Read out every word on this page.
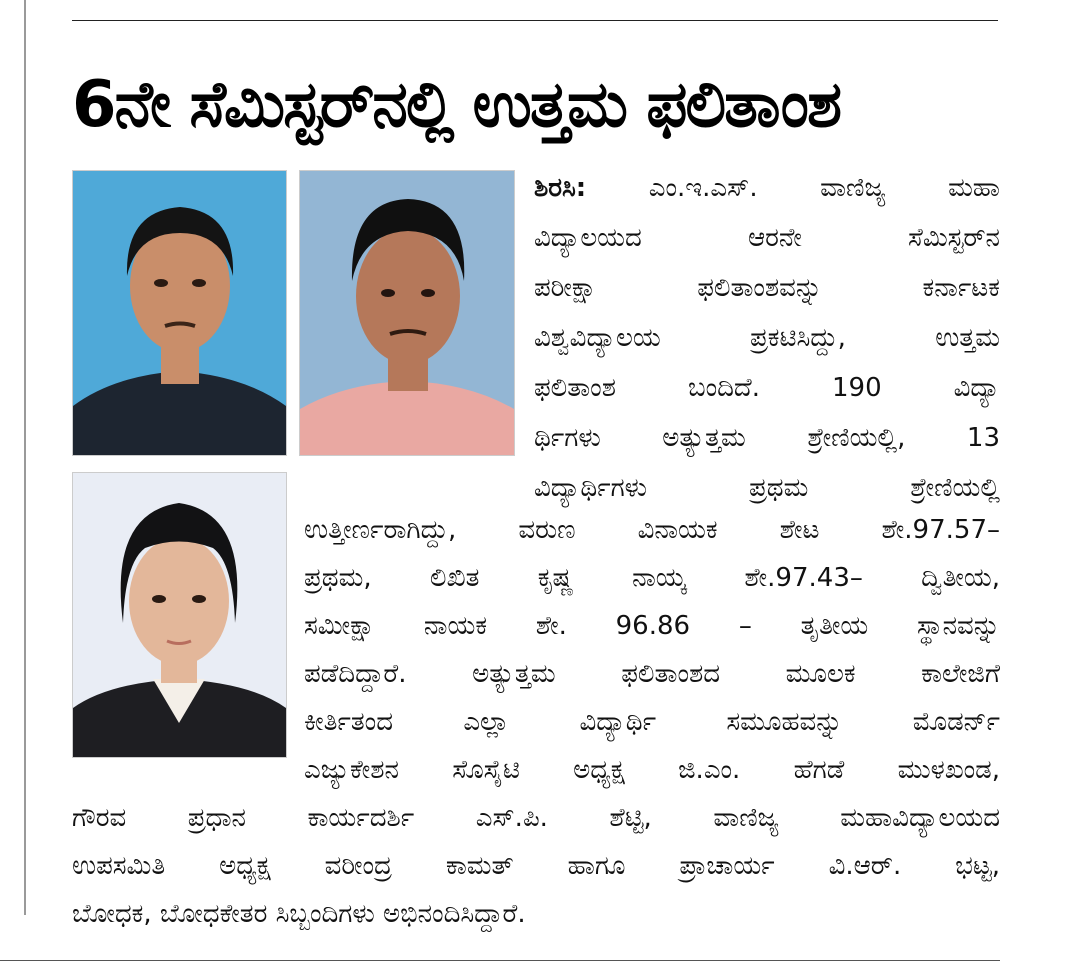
6ನೇ ಸೆಮಿಸ್ಟರ್‌ನಲ್ಲಿ ಉತ್ತಮ ಫಲಿತಾಂಶ
ಶಿರಸಿ: ಎಂ.ಇ.ಎಸ್. ವಾಣಿಜ್ಯ ಮಹಾ
ವಿದ್ಯಾಲಯದ ಆರನೇ ಸೆಮಿಸ್ಟರ್‌ನ
ಪರೀಕ್ಷಾ ಫಲಿತಾಂಶವನ್ನು ಕರ್ನಾಟಕ
ವಿಶ್ವವಿದ್ಯಾಲಯ ಪ್ರಕಟಿಸಿದ್ದು, ಉತ್ತಮ
ಫಲಿತಾಂಶ ಬಂದಿದೆ. 190 ವಿದ್ಯಾ
ರ್ಥಿಗಳು ಅತ್ಯುತ್ತಮ ಶ್ರೇಣಿಯಲ್ಲಿ, 13
ವಿದ್ಯಾರ್ಥಿಗಳು ಪ್ರಥಮ ಶ್ರೇಣಿಯಲ್ಲಿ
ಉತ್ತೀರ್ಣರಾಗಿದ್ದು, ವರುಣ ವಿನಾಯಕ ಶೇಟ ಶೇ.97.57–
ಪ್ರಥಮ, ಲಿಖಿತ ಕೃಷ್ಣ ನಾಯ್ಕ ಶೇ.97.43– ದ್ವಿತೀಯ,
ಸಮೀಕ್ಷಾ ನಾಯಕ ಶೇ. 96.86 – ತೃತೀಯ ಸ್ಥಾನವನ್ನು
ಪಡೆದಿದ್ದಾರೆ. ಅತ್ಯುತ್ತಮ ಫಲಿತಾಂಶದ ಮೂಲಕ ಕಾಲೇಜಿಗೆ
ಕೀರ್ತಿತಂದ ಎಲ್ಲಾ ವಿದ್ಯಾರ್ಥಿ ಸಮೂಹವನ್ನು ಮೊಡರ್ನ್
ಎಜ್ಯುಕೇಶನ ಸೊಸೈಟಿ ಅಧ್ಯಕ್ಷ ಜಿ.ಎಂ. ಹೆಗಡೆ ಮುಳಖಂಡ,
ಗೌರವ ಪ್ರಧಾನ ಕಾರ್ಯದರ್ಶಿ ಎಸ್.ಪಿ. ಶೆಟ್ಟಿ, ವಾಣಿಜ್ಯ ಮಹಾವಿದ್ಯಾಲಯದ
ಉಪಸಮಿತಿ ಅಧ್ಯಕ್ಷ ವರೀಂದ್ರ ಕಾಮತ್ ಹಾಗೂ ಪ್ರಾಚಾರ್ಯ ವಿ.ಆರ್. ಭಟ್ಟ,
ಬೋಧಕ, ಬೋಧಕೇತರ ಸಿಬ್ಬಂದಿಗಳು ಅಭಿನಂದಿಸಿದ್ದಾರೆ.
